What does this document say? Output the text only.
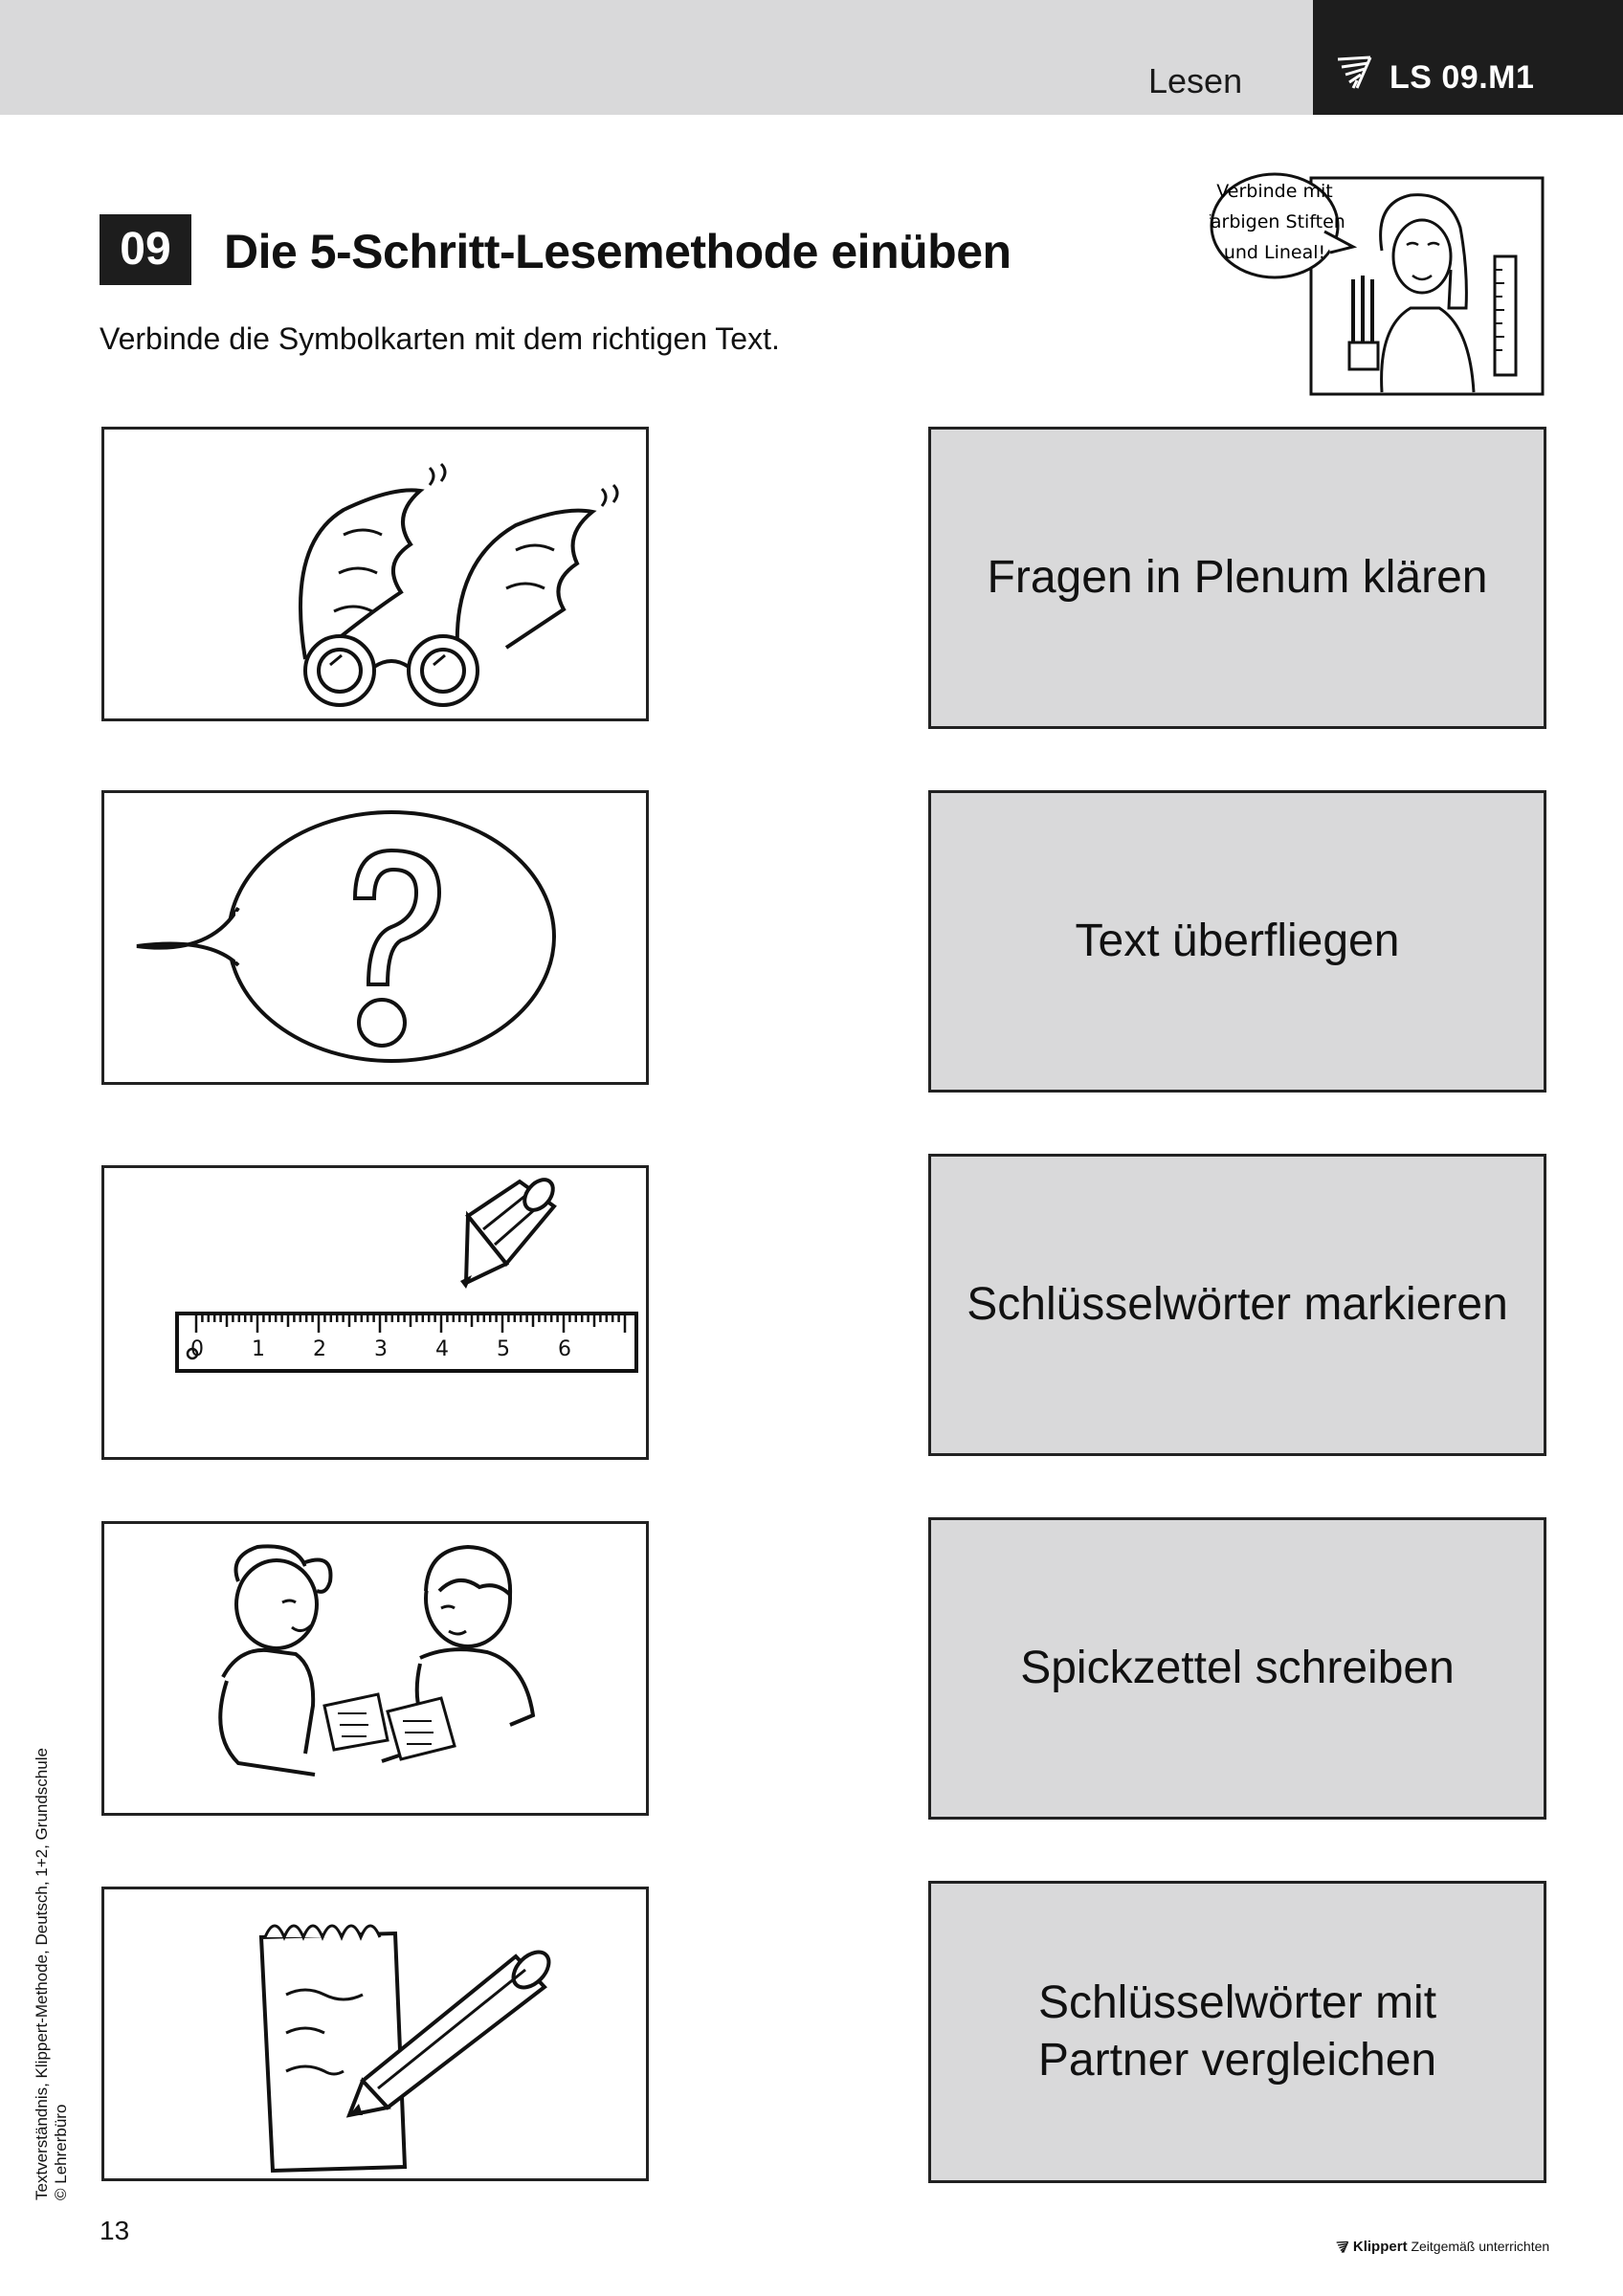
Lesen	LS 09.M1
09	Die 5-Schritt-Lesemethode einüben
Verbinde die Symbolkarten mit dem richtigen Text.
Verbinde mit
farbigen Stiften
und Lineal!
0 1 2 3 4 5 6
Fragen in Plenum klären
Text überfliegen
Schlüsselwörter markieren
Spickzettel schreiben
Schlüsselwörter mit
Partner vergleichen
Textverständnis, Klippert-Methode, Deutsch, 1+2, Grundschule © Lehrerbüro
13
Klippert Zeitgemäß unterrichten
